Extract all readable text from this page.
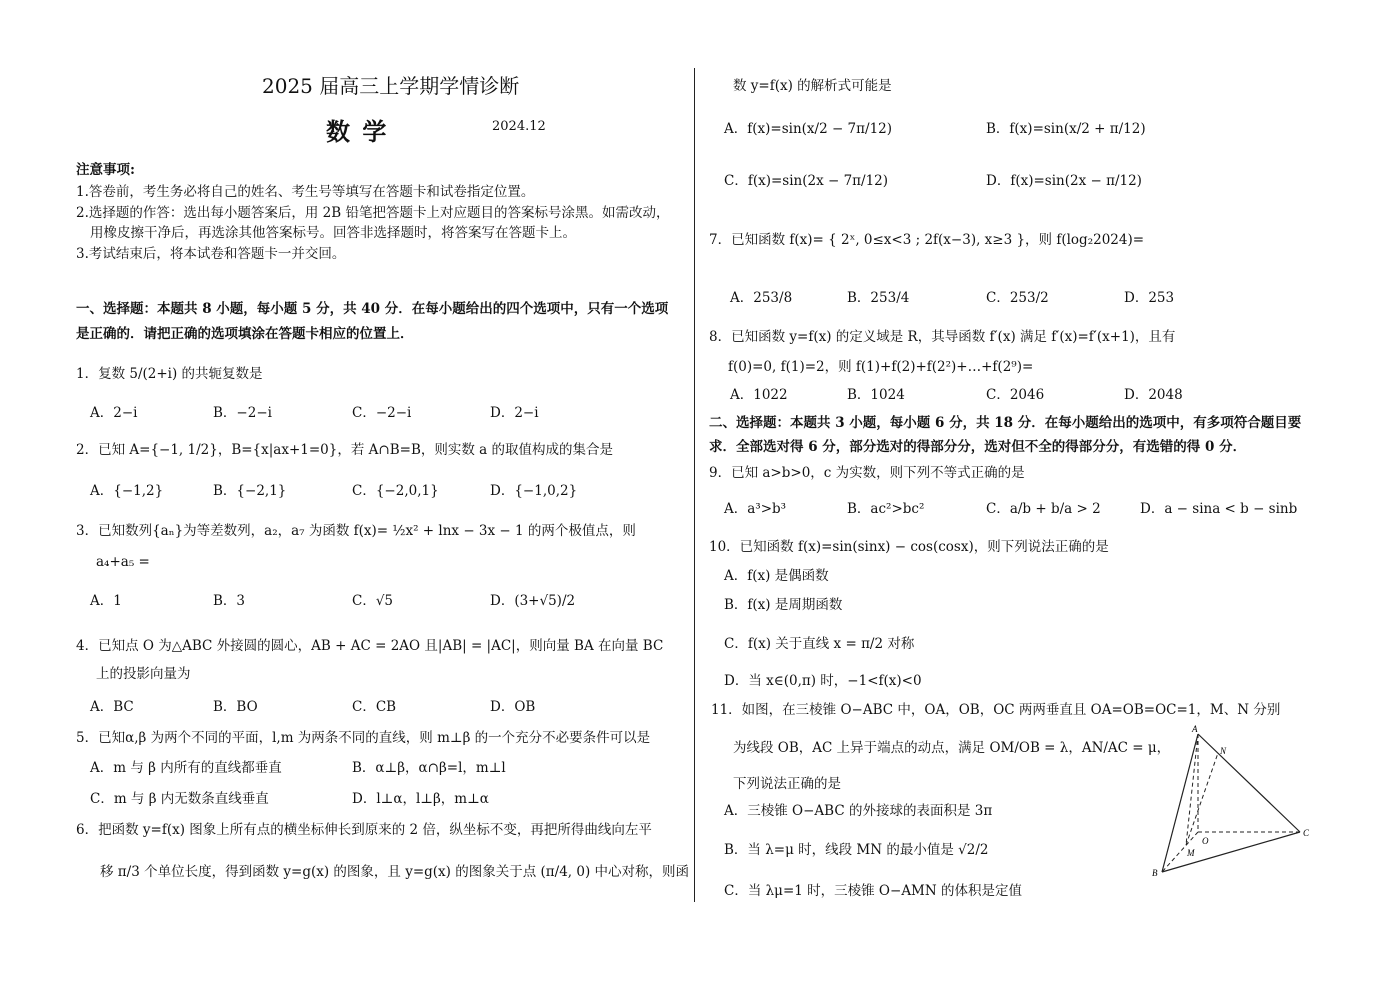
2025 届高三上学期学情诊断
数 学	2024.12
注意事项:
1.答卷前，考生务必将自己的姓名、考生号等填写在答题卡和试卷指定位置。
2.选择题的作答：选出每小题答案后，用 2B 铅笔把答题卡上对应题目的答案标号涂黑。如需改动，
用橡皮擦干净后，再选涂其他答案标号。回答非选择题时，将答案写在答题卡上。
3.考试结束后，将本试卷和答题卡一并交回。
一、选择题：本题共 8 小题，每小题 5 分，共 40 分．在每小题给出的四个选项中，只有一个选项
是正确的．请把正确的选项填涂在答题卡相应的位置上．
1．复数 5/(2+i) 的共轭复数是
A．2−i	B．−2−i	C．−2−i	D．2−i
2．已知 A={−1, 1/2}，B={x|ax+1=0}，若 A∩B=B，则实数 a 的取值构成的集合是
A．{−1,2}	B．{−2,1}	C．{−2,0,1}	D．{−1,0,2}
3．已知数列{aₙ}为等差数列，a₂，a₇ 为函数 f(x)= ½x² + lnx − 3x − 1 的两个极值点，则
a₄+a₅ =
A．1	B．3	C．√5	D．(3+√5)/2
4．已知点 O 为△ABC 外接圆的圆心，AB + AC = 2AO 且|AB| = |AC|，则向量 BA 在向量 BC
上的投影向量为
A．BC	B．BO	C．CB	D．OB
5．已知α,β 为两个不同的平面，l,m 为两条不同的直线，则 m⊥β 的一个充分不必要条件可以是
A．m 与 β 内所有的直线都垂直	B．α⊥β，α∩β=l，m⊥l
C．m 与 β 内无数条直线垂直	D．l⊥α，l⊥β，m⊥α
6．把函数 y=f(x) 图象上所有点的横坐标伸长到原来的 2 倍，纵坐标不变，再把所得曲线向左平
移 π/3 个单位长度，得到函数 y=g(x) 的图象，且 y=g(x) 的图象关于点 (π/4, 0) 中心对称，则函
数 y=f(x) 的解析式可能是
A．f(x)=sin(x/2 − 7π/12)	B．f(x)=sin(x/2 + π/12)
C．f(x)=sin(2x − 7π/12)	D．f(x)=sin(2x − π/12)
7．已知函数 f(x)= { 2ˣ, 0≤x<3 ; 2f(x−3), x≥3 }，则 f(log₂2024)=
A．253/8	B．253/4	C．253/2	D．253
8．已知函数 y=f(x) 的定义域是 R，其导函数 f′(x) 满足 f′(x)=f′(x+1)，且有
f(0)=0, f(1)=2，则 f(1)+f(2)+f(2²)+…+f(2⁹)=
A．1022	B．1024	C．2046	D．2048
二、选择题：本题共 3 小题，每小题 6 分，共 18 分．在每小题给出的选项中，有多项符合题目要
求．全部选对得 6 分，部分选对的得部分分，选对但不全的得部分分，有选错的得 0 分．
9．已知 a>b>0，c 为实数，则下列不等式正确的是
A．a³>b³	B．ac²>bc²	C．a/b + b/a > 2	D．a − sina < b − sinb
10．已知函数 f(x)=sin(sinx) − cos(cosx)，则下列说法正确的是
A．f(x) 是偶函数
B．f(x) 是周期函数
C．f(x) 关于直线 x = π/2 对称
D．当 x∈(0,π) 时，−1<f(x)<0
11．如图，在三棱锥 O−ABC 中，OA，OB，OC 两两垂直且 OA=OB=OC=1，M、N 分别
为线段 OB，AC 上异于端点的动点，满足 OM/OB = λ，AN/AC = μ，
下列说法正确的是
A．三棱锥 O−ABC 的外接球的表面积是 3π
B．当 λ=μ 时，线段 MN 的最小值是 √2/2
C．当 λμ=1 时，三棱锥 O−AMN 的体积是定值
A
N
O
C
M
B
